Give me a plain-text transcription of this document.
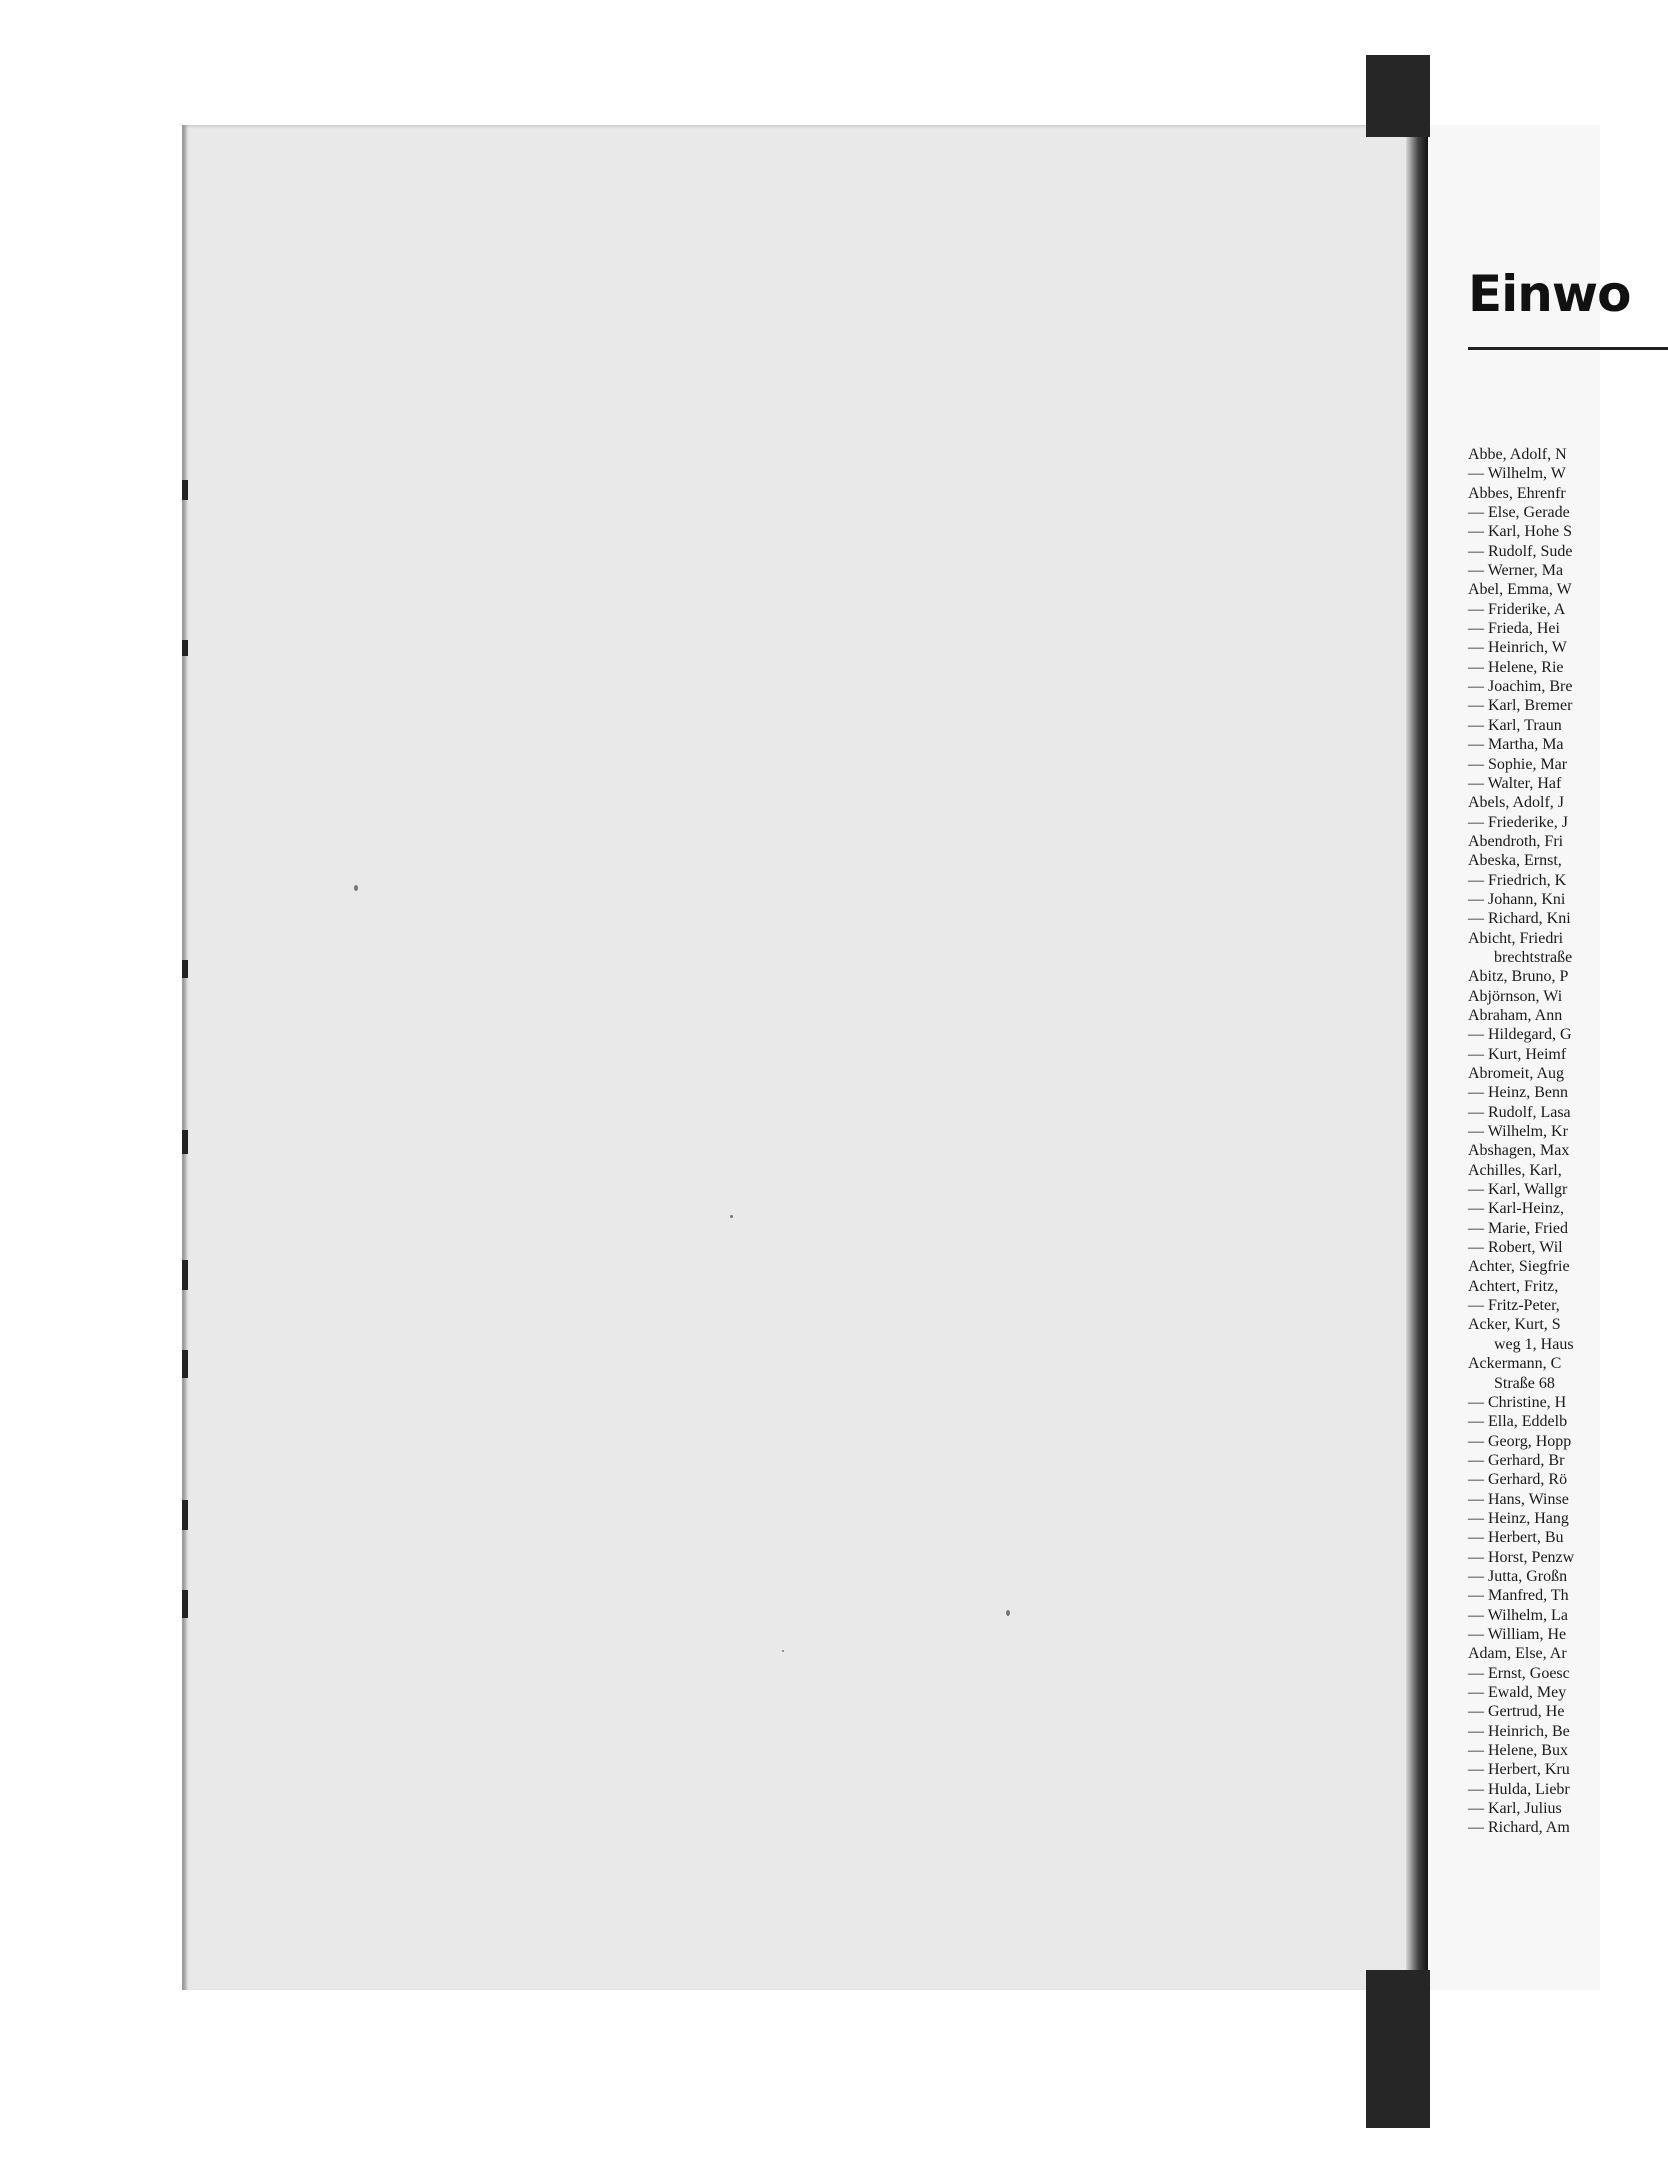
Einwo
Abbe, Adolf, N
— Wilhelm, W
Abbes, Ehrenfr
— Else, Gerade
— Karl, Hohe S
— Rudolf, Sude
— Werner, Ma
Abel, Emma, W
— Friderike, A
— Frieda, Hei
— Heinrich, W
— Helene, Rie
— Joachim, Bre
— Karl, Bremer
— Karl, Traun
— Martha, Ma
— Sophie, Mar
— Walter, Haf
Abels, Adolf, J
— Friederike, J
Abendroth, Fri
Abeska, Ernst,
— Friedrich, K
— Johann, Kni
— Richard, Kni
Abicht, Friedri
brechtstraße
Abitz, Bruno, P
Abjörnson, Wi
Abraham, Ann
— Hildegard, G
— Kurt, Heimf
Abromeit, Aug
— Heinz, Benn
— Rudolf, Lasa
— Wilhelm, Kr
Abshagen, Max
Achilles, Karl,
— Karl, Wallgr
— Karl-Heinz,
— Marie, Fried
— Robert, Wil
Achter, Siegfrie
Achtert, Fritz,
— Fritz-Peter,
Acker, Kurt, S
weg 1, Haus
Ackermann, C
Straße 68
— Christine, H
— Ella, Eddelb
— Georg, Hopp
— Gerhard, Br
— Gerhard, Rö
— Hans, Winse
— Heinz, Hang
— Herbert, Bu
— Horst, Penzw
— Jutta, Großn
— Manfred, Th
— Wilhelm, La
— William, He
Adam, Else, Ar
— Ernst, Goesc
— Ewald, Mey
— Gertrud, He
— Heinrich, Be
— Helene, Bux
— Herbert, Kru
— Hulda, Liebr
— Karl, Julius
— Richard, Am
